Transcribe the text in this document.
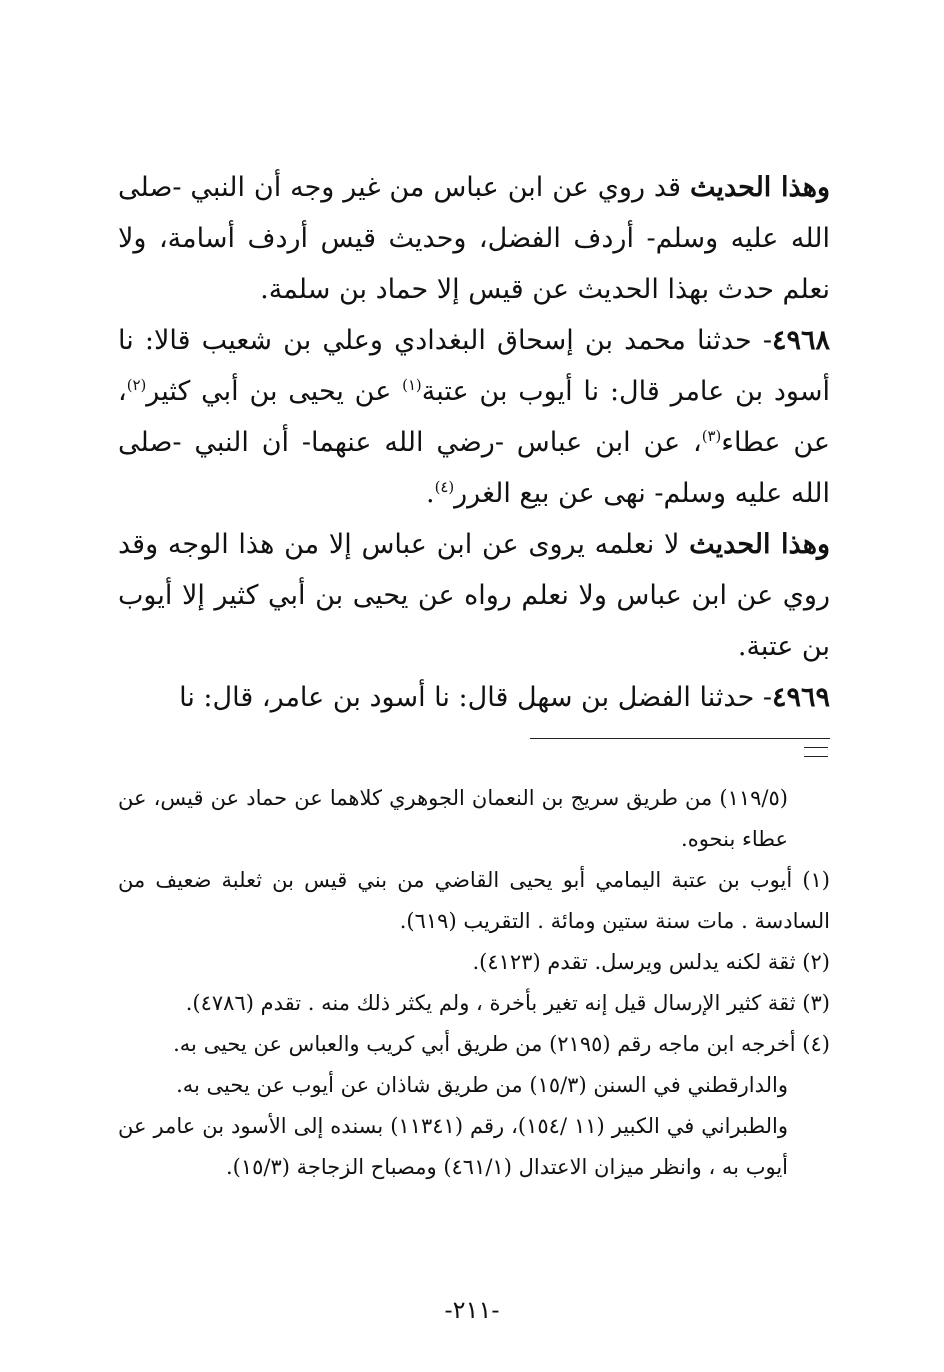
وهذا الحديث قد روي عن ابن عباس من غير وجه أن النبي -صلى الله عليه وسلم- أردف الفضل، وحديث قيس أردف أسامة، ولا نعلم حدث بهذا الحديث عن قيس إلا حماد بن سلمة.

٤٩٦٨- حدثنا محمد بن إسحاق البغدادي وعلي بن شعيب قالا: نا أسود بن عامر قال: نا أيوب بن عتبة$^{(١)}$ عن يحيى بن أبي كثير$^{(٢)}$، عن عطاء$^{(٣)}$، عن ابن عباس -رضي الله عنهما- أن النبي -صلى الله عليه وسلم- نهى عن بيع الغرر$^{(٤)}$.

وهذا الحديث لا نعلمه يروى عن ابن عباس إلا من هذا الوجه وقد روي عن ابن عباس ولا نعلم رواه عن يحيى بن أبي كثير إلا أيوب بن عتبة.

٤٩٦٩- حدثنا الفضل بن سهل قال: نا أسود بن عامر، قال: نا

(١١٩/٥) من طريق سريج بن النعمان الجوهري كلاهما عن حماد عن قيس، عن عطاء بنحوه.

(١) أيوب بن عتبة اليمامي أبو يحيى القاضي من بني قيس بن ثعلبة ضعيف من السادسة . مات سنة ستين ومائة . التقريب (٦١٩).

(٢) ثقة لكنه يدلس ويرسل. تقدم (٤١٢٣).

(٣) ثقة كثير الإرسال قيل إنه تغير بأخرة ، ولم يكثر ذلك منه . تقدم (٤٧٨٦).

(٤) أخرجه ابن ماجه رقم (٢١٩٥) من طريق أبي كريب والعباس عن يحيى به.

والدارقطني في السنن (١٥/٣) من طريق شاذان عن أيوب عن يحيى به.

والطبراني في الكبير (١١ /١٥٤)، رقم (١١٣٤١) بسنده إلى الأسود بن عامر عن أيوب به ، وانظر ميزان الاعتدال (٤٦١/١) ومصباح الزجاجة (١٥/٣).

-٢١١-
